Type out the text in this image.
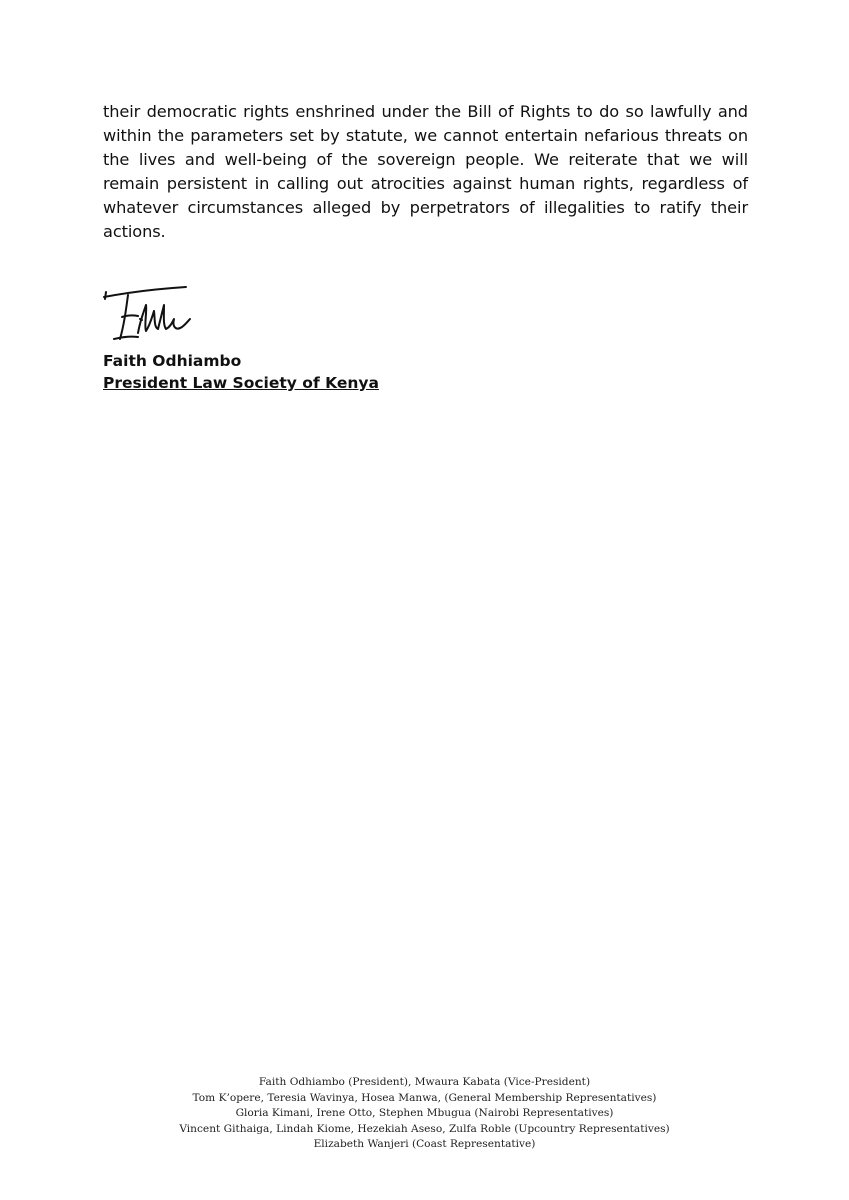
their democratic rights enshrined under the Bill of Rights to do so lawfully and within the parameters set by statute, we cannot entertain nefarious threats on the lives and well-being of the sovereign people. We reiterate that we will remain persistent in calling out atrocities against human rights, regardless of whatever circumstances alleged by perpetrators of illegalities to ratify their actions.

Faith Odhiambo

President Law Society of Kenya

Faith Odhiambo (President), Mwaura Kabata (Vice-President)
Tom K’opere, Teresia Wavinya, Hosea Manwa, (General Membership Representatives)
Gloria Kimani, Irene Otto, Stephen Mbugua (Nairobi Representatives)
Vincent Githaiga, Lindah Kiome, Hezekiah Aseso, Zulfa Roble (Upcountry Representatives)
Elizabeth Wanjeri (Coast Representative)
